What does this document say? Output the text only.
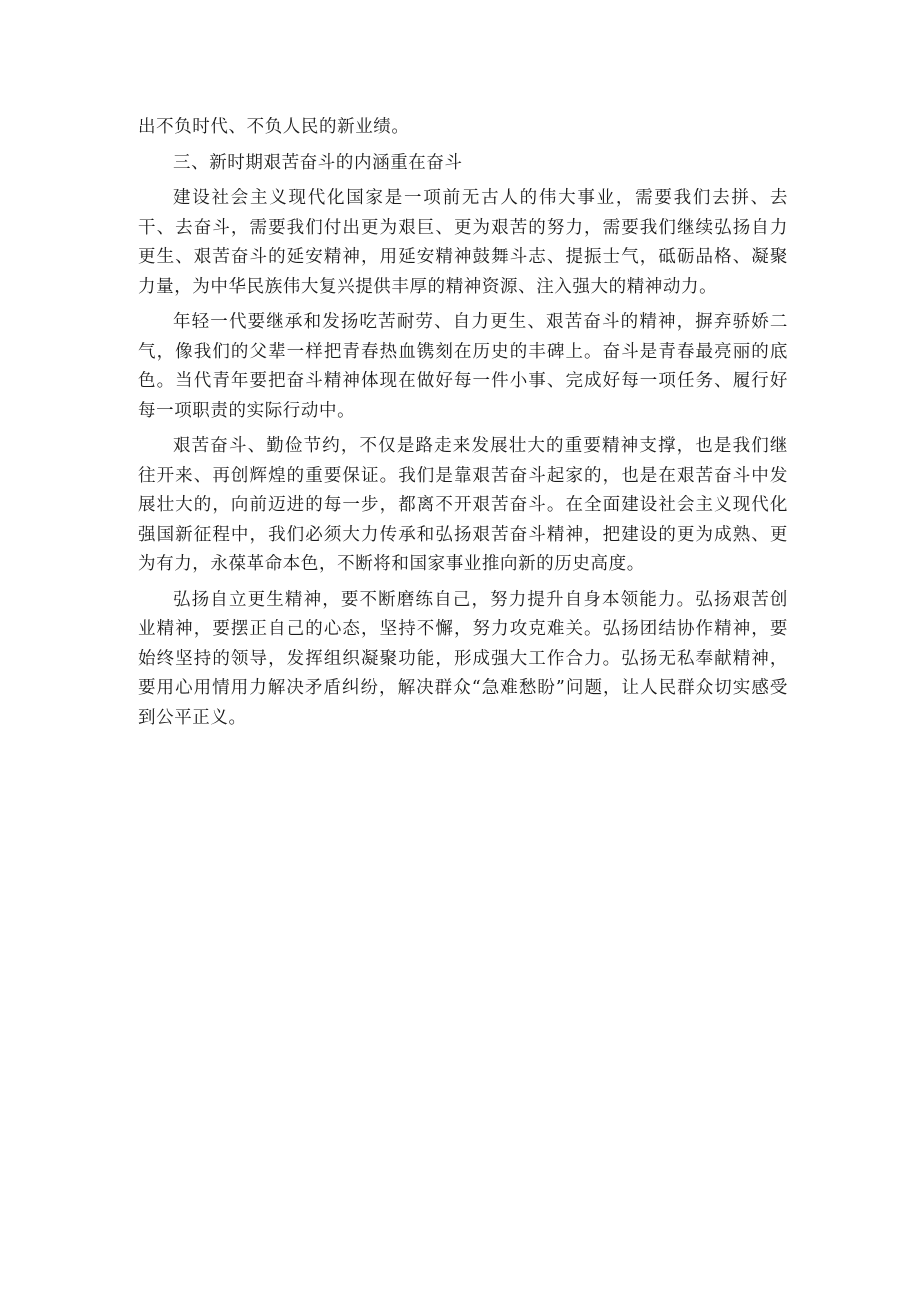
出不负时代、不负人民的新业绩。

三、新时期艰苦奋斗的内涵重在奋斗

建设社会主义现代化国家是一项前无古人的伟大事业，需要我们去拼、去干、去奋斗，需要我们付出更为艰巨、更为艰苦的努力，需要我们继续弘扬自力更生、艰苦奋斗的延安精神，用延安精神鼓舞斗志、提振士气，砥砺品格、凝聚力量，为中华民族伟大复兴提供丰厚的精神资源、注入强大的精神动力。

年轻一代要继承和发扬吃苦耐劳、自力更生、艰苦奋斗的精神，摒弃骄娇二气，像我们的父辈一样把青春热血镌刻在历史的丰碑上。奋斗是青春最亮丽的底色。当代青年要把奋斗精神体现在做好每一件小事、完成好每一项任务、履行好每一项职责的实际行动中。

艰苦奋斗、勤俭节约，不仅是路走来发展壮大的重要精神支撑，也是我们继往开来、再创辉煌的重要保证。我们是靠艰苦奋斗起家的，也是在艰苦奋斗中发展壮大的，向前迈进的每一步，都离不开艰苦奋斗。在全面建设社会主义现代化强国新征程中，我们必须大力传承和弘扬艰苦奋斗精神，把建设的更为成熟、更为有力，永葆革命本色，不断将和国家事业推向新的历史高度。

弘扬自立更生精神，要不断磨练自己，努力提升自身本领能力。弘扬艰苦创业精神，要摆正自己的心态，坚持不懈，努力攻克难关。弘扬团结协作精神，要始终坚持的领导，发挥组织凝聚功能，形成强大工作合力。弘扬无私奉献精神，要用心用情用力解决矛盾纠纷，解决群众“急难愁盼”问题，让人民群众切实感受到公平正义。
